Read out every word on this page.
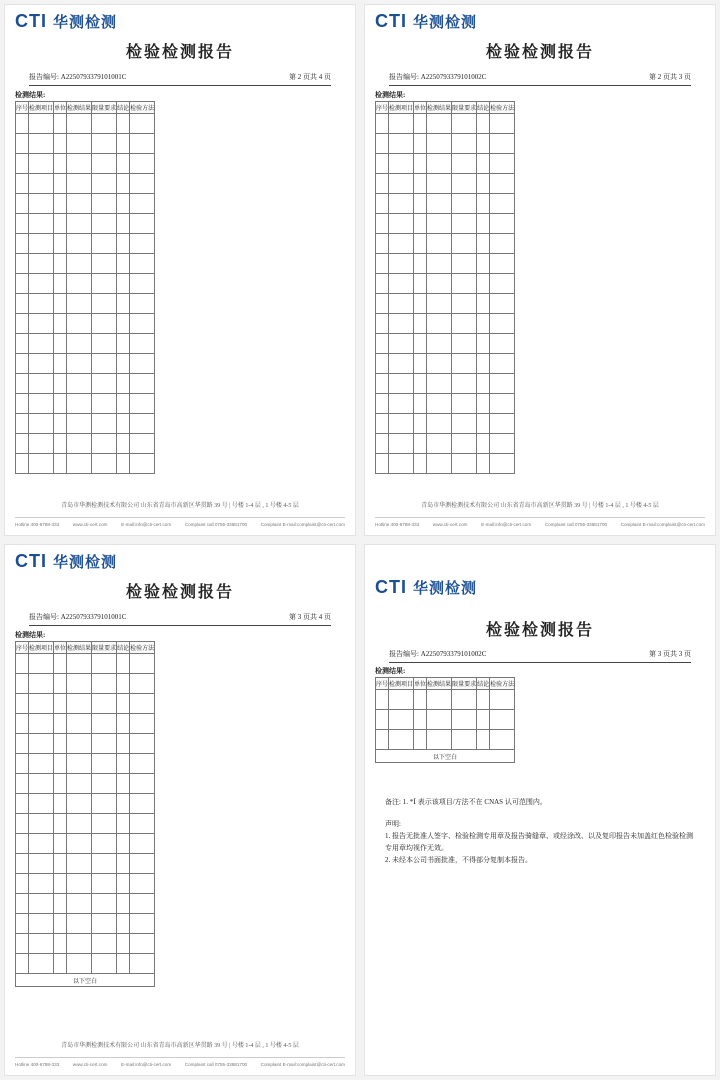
CTI 华测检测
检验检测报告
报告编号: A2250793379101001C	第 2 页共 4 页
检测结果:
序号	检测项目	单位	检测结果	限量要求	结论	检验方法

青岛市华测检测技术有限公司 山东省青岛市高新区华贯路 39 号 | 号楼 1-4 层 , 1 号楼 4-5 层
Hotline 400-6788-333	www.cti-cert.com	E-mail:info@cti-cert.com	Complaint call 0755-33681700	Complaint E-mail:complaint@cti-cert.com
CTI 华测检测
检验检测报告
报告编号: A2250793379101002C	第 2 页共 3 页
检测结果:
序号	检测项目	单位	检测结果	限量要求	结论	检验方法

青岛市华测检测技术有限公司 山东省青岛市高新区华贯路 39 号 | 号楼 1-4 层 , 1 号楼 4-5 层
Hotline 400-6788-333	www.cti-cert.com	E-mail:info@cti-cert.com	Complaint call 0755-33681700	Complaint E-mail:complaint@cti-cert.com
CTI 华测检测
检验检测报告
报告编号: A2250793379101001C	第 3 页共 4 页
检测结果:
序号	检测项目	单位	检测结果	限量要求	结论	检验方法

以下空白						
青岛市华测检测技术有限公司 山东省青岛市高新区华贯路 39 号 | 号楼 1-4 层 , 1 号楼 4-5 层
Hotline 400-6788-333	www.cti-cert.com	E-mail:info@cti-cert.com	Complaint call 0755-33681700	Complaint E-mail:complaint@cti-cert.com
CTI 华测检测
检验检测报告
报告编号: A2250793379101002C	第 3 页共 3 页
检测结果:
序号	检测项目	单位	检测结果	限量要求	结论	检验方法

以下空白						
备注: 1. *Ⅰ 表示该项目/方法不在 CNAS 认可范围内。
声明:
1. 报告无批准人签字、检验检测专用章及报告骑缝章、或经涂改、以及复印报告未加盖红色检验检测专用章均视作无效。
2. 未经本公司书面批准，不得部分复制本报告。
